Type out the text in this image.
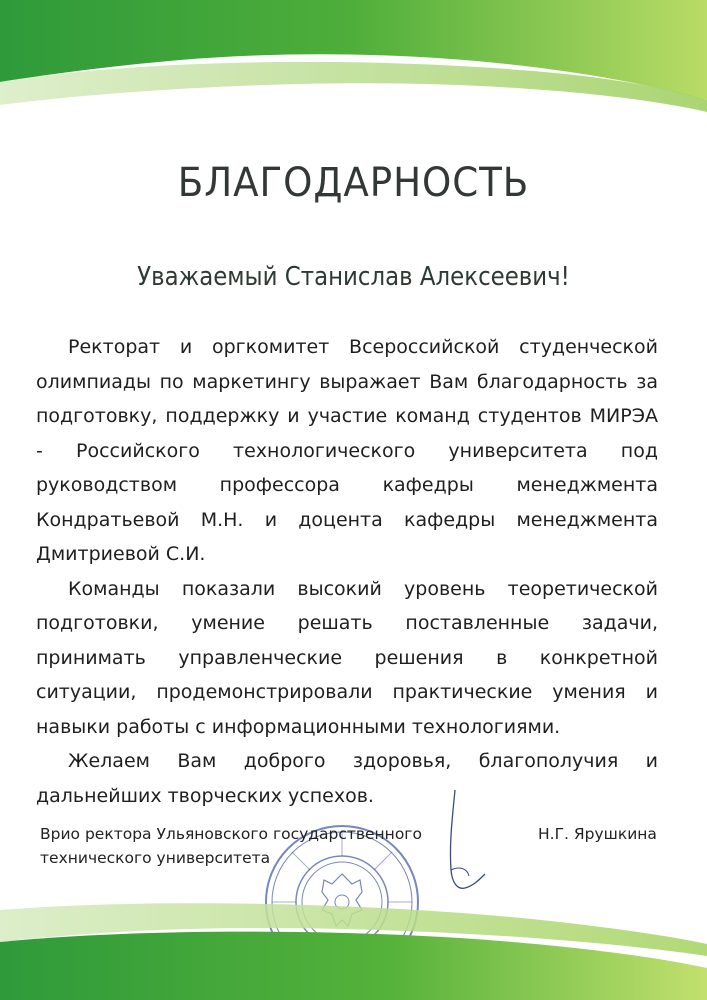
БЛАГОДАРНОСТЬ
Уважаемый Станислав Алексеевич!

Ректорат и оргкомитет Всероссийской студенческой олимпиады по маркетингу выражает Вам благодарность за подготовку, поддержку и участие команд студентов МИРЭА - Российского технологического университета под руководством профессора кафедры менеджмента Кондратьевой М.Н. и доцента кафедры менеджмента Дмитриевой С.И.

Команды показали высокий уровень теоретической подготовки, умение решать поставленные задачи, принимать управленческие решения в конкретной ситуации, продемонстрировали практические умения и навыки работы с информационными технологиями.

Желаем Вам доброго здоровья, благополучия и дальнейших творческих успехов.

Врио ректора Ульяновского государственного
технического университета
Н.Г. Ярушкина
